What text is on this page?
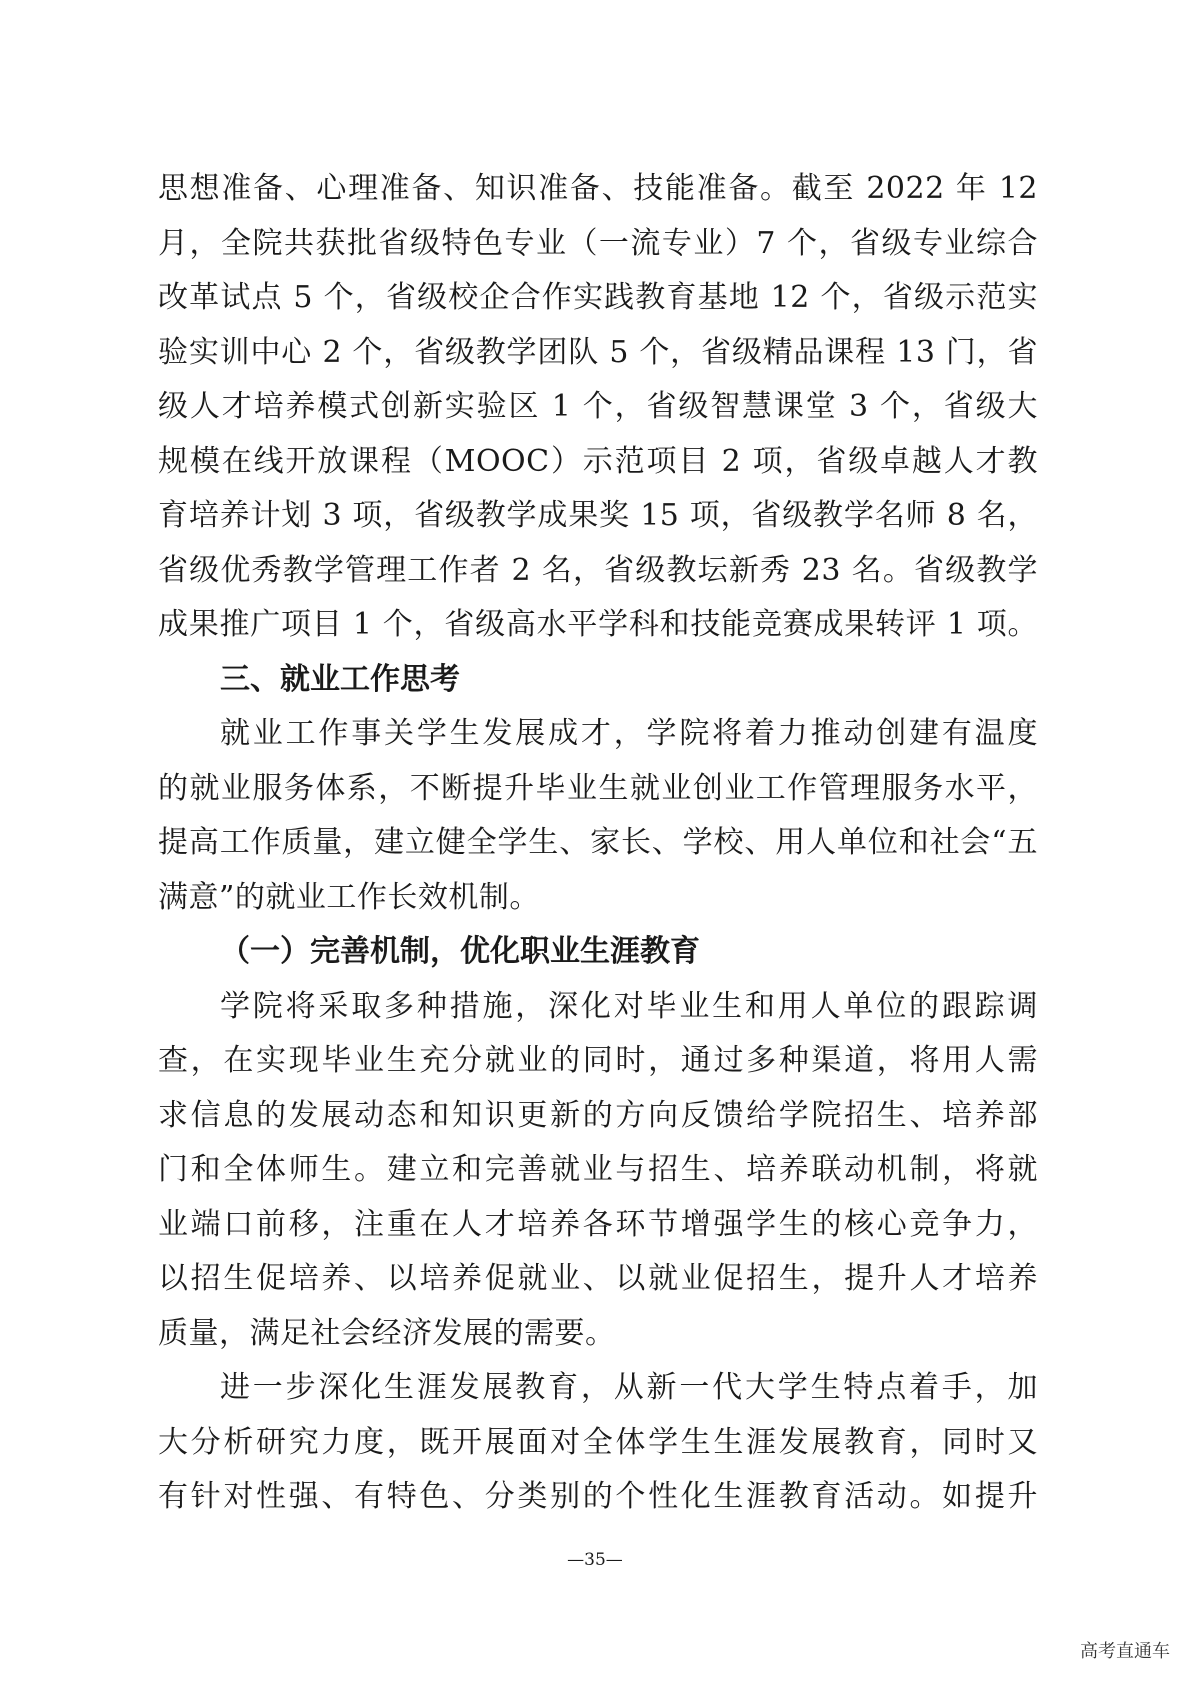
思想准备、心理准备、知识准备、技能准备。截至 2022 年 12
月，全院共获批省级特色专业（一流专业）7 个，省级专业综合
改革试点 5 个，省级校企合作实践教育基地 12 个，省级示范实
验实训中心 2 个，省级教学团队 5 个，省级精品课程 13 门，省
级人才培养模式创新实验区 1 个，省级智慧课堂 3 个，省级大
规模在线开放课程（MOOC）示范项目 2 项，省级卓越人才教
育培养计划 3 项，省级教学成果奖 15 项，省级教学名师 8 名，
省级优秀教学管理工作者 2 名，省级教坛新秀 23 名。省级教学
成果推广项目 1 个，省级高水平学科和技能竞赛成果转评 1 项。
三、就业工作思考
就业工作事关学生发展成才，学院将着力推动创建有温度
的就业服务体系，不断提升毕业生就业创业工作管理服务水平，
提高工作质量，建立健全学生、家长、学校、用人单位和社会“五
满意”的就业工作长效机制。
（一）完善机制，优化职业生涯教育
学院将采取多种措施，深化对毕业生和用人单位的跟踪调
查，在实现毕业生充分就业的同时，通过多种渠道，将用人需
求信息的发展动态和知识更新的方向反馈给学院招生、培养部
门和全体师生。建立和完善就业与招生、培养联动机制，将就
业端口前移，注重在人才培养各环节增强学生的核心竞争力，
以招生促培养、以培养促就业、以就业促招生，提升人才培养
质量，满足社会经济发展的需要。
进一步深化生涯发展教育，从新一代大学生特点着手，加
大分析研究力度，既开展面对全体学生生涯发展教育，同时又
有针对性强、有特色、分类别的个性化生涯教育活动。如提升
—35—
高考直通车
